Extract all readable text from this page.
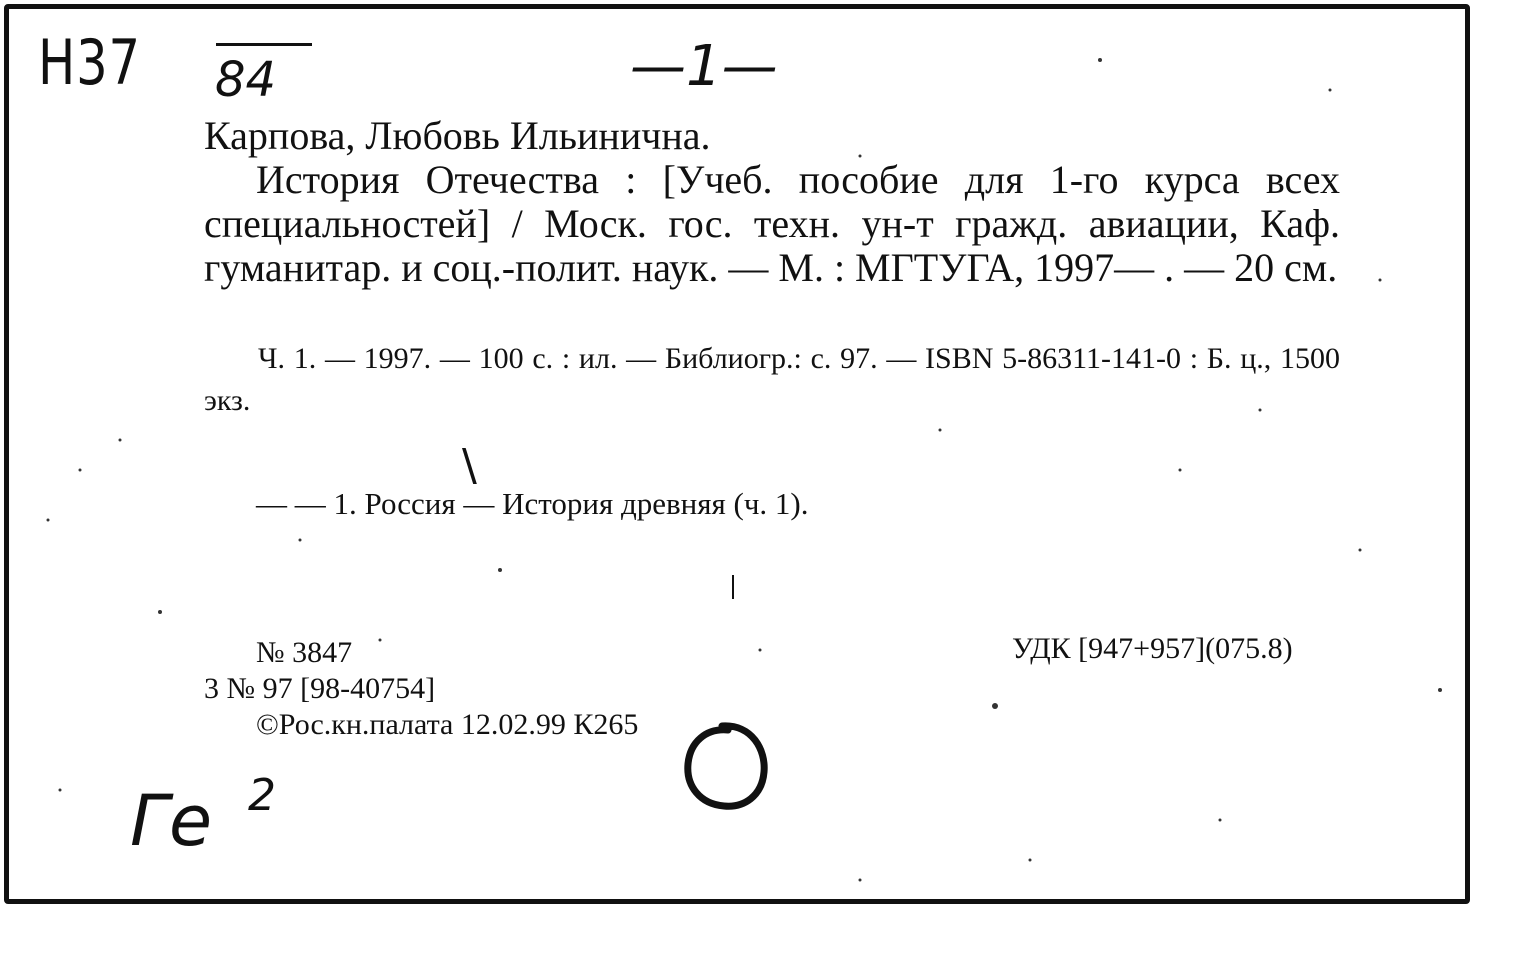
Н37 84	—1—
Карпова, Любовь Ильинична.
История Отечества : [Учеб. пособие для 1-го курса всех специальностей] / Моск. гос. техн. ун-т гражд. авиации, Каф. гуманитар. и соц.-полит. наук. — М. : МГТУГА, 1997— . — 20 см.
Ч. 1. — 1997. — 100 с. : ил. — Библиогр.: с. 97. — ISBN 5-86311-141-0 : Б. ц., 1500 экз.
\
— — 1. Россия — История древняя (ч. 1).
№ 3847	УДК [947+957](075.8)
3 № 97 [98-40754]
©Рос.кн.палата 12.02.99 К265
Ге 2
